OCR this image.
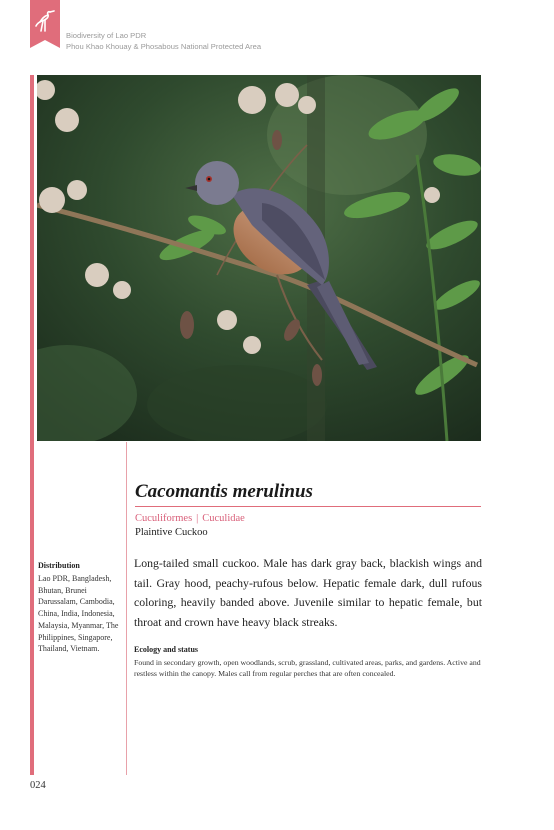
Biodiversity of Lao PDR
Phou Khao Khouay & Phosabous National Protected Area
Cacomantis merulinus
Cuculiformes | Cuculidae
Plaintive Cuckoo

Long-tailed small cuckoo. Male has dark gray back, blackish wings and tail. Gray hood, peachy-rufous below. Hepatic female dark, dull rufous coloring, heavily banded above. Juvenile similar to hepatic female, but throat and crown have heavy black streaks.

Ecology and status

Found in secondary growth, open woodlands, scrub, grassland, cultivated areas, parks, and gardens. Active and restless within the canopy. Males call from regular perches that are often concealed.

Distribution

Lao PDR, Bangladesh, Bhutan, Brunei Darussalam, Cambodia, China, India, Indonesia, Malaysia, Myanmar, The Philippines, Singapore, Thailand, Vietnam.

024
